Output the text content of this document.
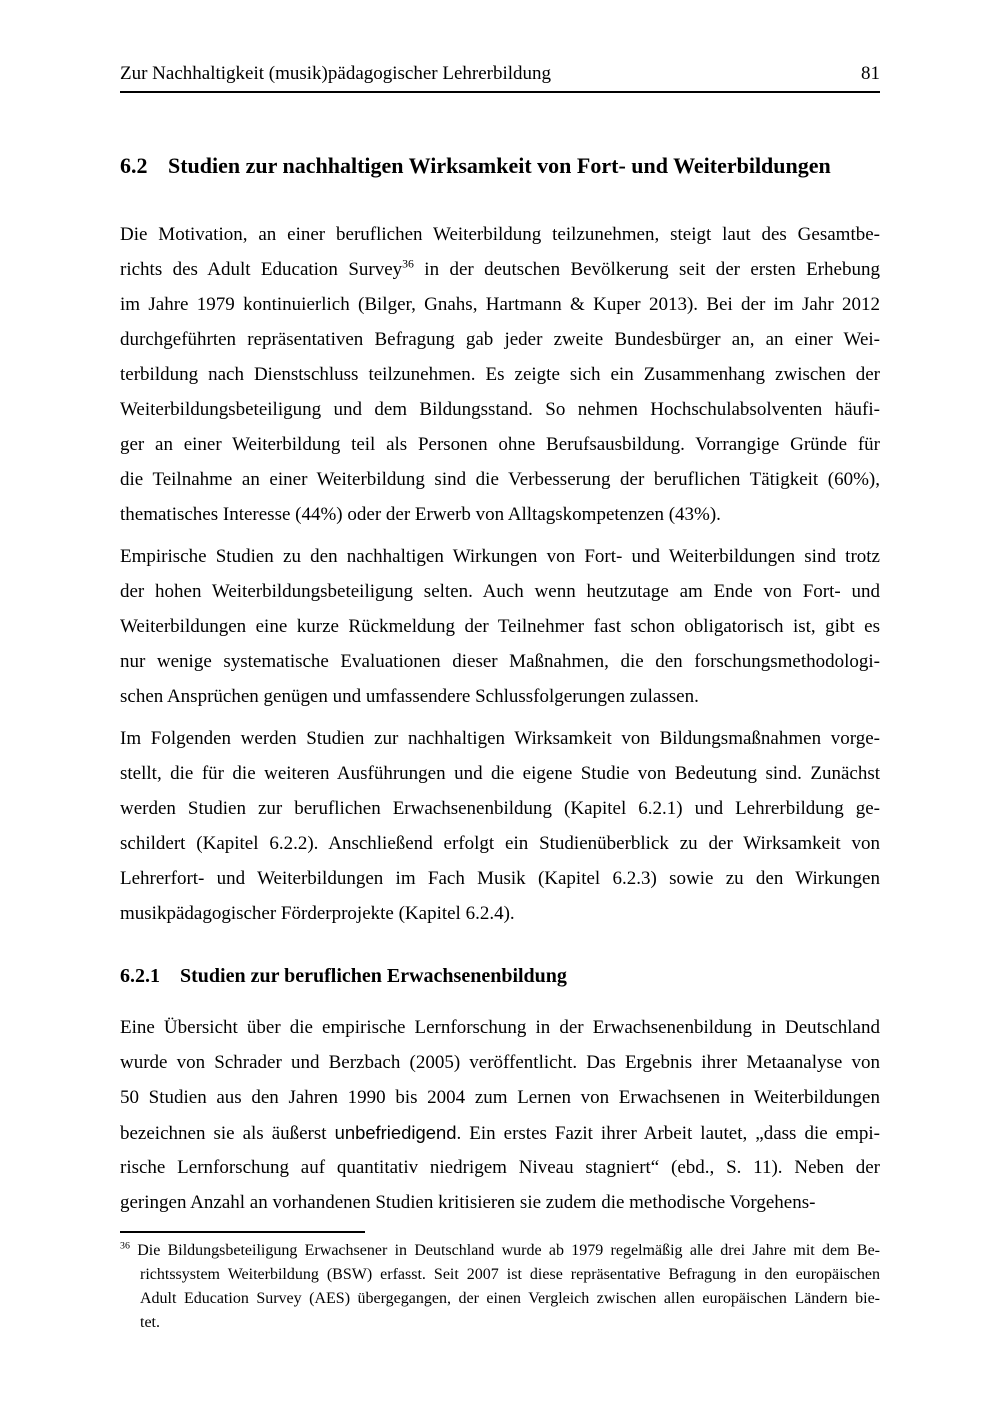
Zur Nachhaltigkeit (musik)pädagogischer Lehrerbildung	81
6.2 Studien zur nachhaltigen Wirksamkeit von Fort- und Weiterbildungen
Die Motivation, an einer beruflichen Weiterbildung teilzunehmen, steigt laut des Gesamtbe-
richts des Adult Education Survey$^{36}$ in der deutschen Bevölkerung seit der ersten Erhebung
im Jahre 1979 kontinuierlich (Bilger, Gnahs, Hartmann & Kuper 2013). Bei der im Jahr 2012
durchgeführten repräsentativen Befragung gab jeder zweite Bundesbürger an, an einer Wei-
terbildung nach Dienstschluss teilzunehmen. Es zeigte sich ein Zusammenhang zwischen der
Weiterbildungsbeteiligung und dem Bildungsstand. So nehmen Hochschulabsolventen häufi-
ger an einer Weiterbildung teil als Personen ohne Berufsausbildung. Vorrangige Gründe für
die Teilnahme an einer Weiterbildung sind die Verbesserung der beruflichen Tätigkeit (60%),
thematisches Interesse (44%) oder der Erwerb von Alltagskompetenzen (43%).
Empirische Studien zu den nachhaltigen Wirkungen von Fort- und Weiterbildungen sind trotz
der hohen Weiterbildungsbeteiligung selten. Auch wenn heutzutage am Ende von Fort- und
Weiterbildungen eine kurze Rückmeldung der Teilnehmer fast schon obligatorisch ist, gibt es
nur wenige systematische Evaluationen dieser Maßnahmen, die den forschungsmethodologi-
schen Ansprüchen genügen und umfassendere Schlussfolgerungen zulassen.
Im Folgenden werden Studien zur nachhaltigen Wirksamkeit von Bildungsmaßnahmen vorge-
stellt, die für die weiteren Ausführungen und die eigene Studie von Bedeutung sind. Zunächst
werden Studien zur beruflichen Erwachsenenbildung (Kapitel 6.2.1) und Lehrerbildung ge-
schildert (Kapitel 6.2.2). Anschließend erfolgt ein Studienüberblick zu der Wirksamkeit von
Lehrerfort- und Weiterbildungen im Fach Musik (Kapitel 6.2.3) sowie zu den Wirkungen
musikpädagogischer Förderprojekte (Kapitel 6.2.4).
6.2.1 Studien zur beruflichen Erwachsenenbildung
Eine Übersicht über die empirische Lernforschung in der Erwachsenenbildung in Deutschland
wurde von Schrader und Berzbach (2005) veröffentlicht. Das Ergebnis ihrer Metaanalyse von
50 Studien aus den Jahren 1990 bis 2004 zum Lernen von Erwachsenen in Weiterbildungen
bezeichnen sie als äußerst unbefriedigend. Ein erstes Fazit ihrer Arbeit lautet, „dass die empi-
rische Lernforschung auf quantitativ niedrigem Niveau stagniert“ (ebd., S. 11). Neben der
geringen Anzahl an vorhandenen Studien kritisieren sie zudem die methodische Vorgehens-
$^{36}$ Die Bildungsbeteiligung Erwachsener in Deutschland wurde ab 1979 regelmäßig alle drei Jahre mit dem Be-
richtssystem Weiterbildung (BSW) erfasst. Seit 2007 ist diese repräsentative Befragung in den europäischen
Adult Education Survey (AES) übergegangen, der einen Vergleich zwischen allen europäischen Ländern bie-
tet.
